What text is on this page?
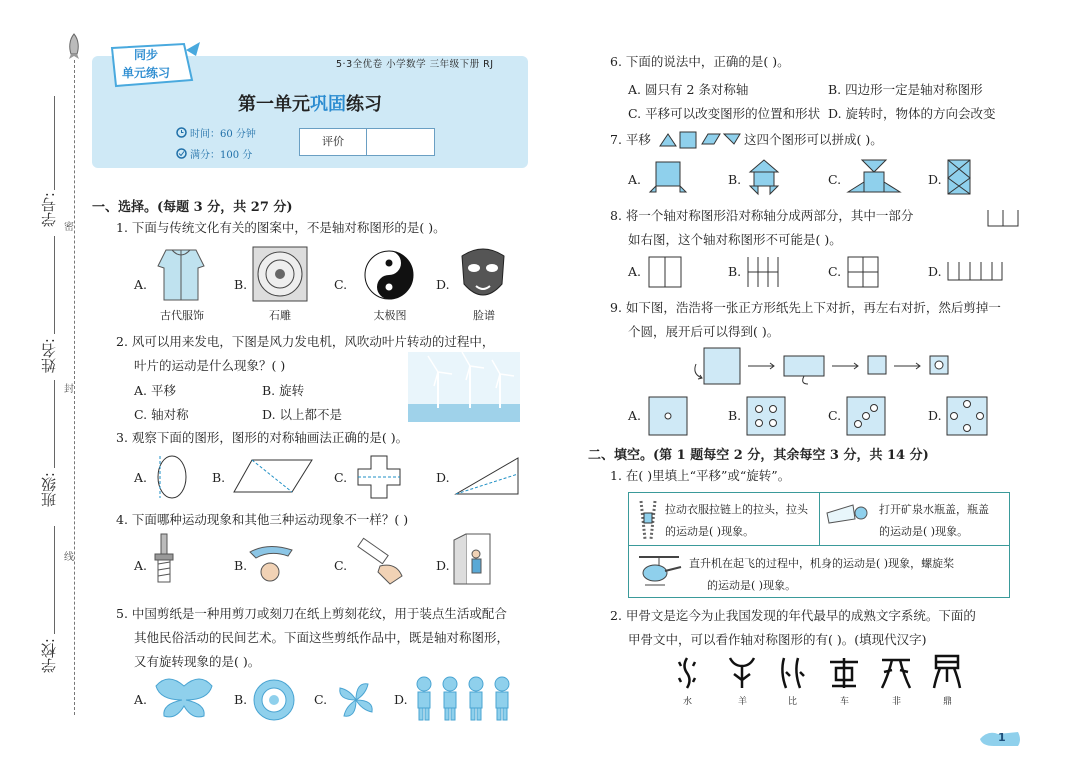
学号:
姓名:
班级:
学校:
密
封
线
同步
单元练习
5·3全优卷 小学数学 三年级下册 RJ
第一单元巩固练习
时间：60 分钟
满分：100 分
评价
一、选择。(每题 3 分，共 27 分)
1. 下面与传统文化有关的图案中，不是轴对称图形的是( )。
A.
古代服饰
B.
石雕
C.
太极图
D.
脸谱
2. 风可以用来发电，下图是风力发电机，风吹动叶片转动的过程中，
叶片的运动是什么现象？( )
A. 平移	B. 旋转
C. 轴对称	D. 以上都不是
3. 观察下面的图形，图形的对称轴画法正确的是( )。
A.	B.	C.	D.
4. 下面哪种运动现象和其他三种运动现象不一样？( )
A.	B.	C.	D.
5. 中国剪纸是一种用剪刀或刻刀在纸上剪刻花纹，用于装点生活或配合
其他民俗活动的民间艺术。下面这些剪纸作品中，既是轴对称图形，
又有旋转现象的是( )。
A.	B.	C.	D.
6. 下面的说法中，正确的是( )。
A. 圆只有 2 条对称轴	B. 四边形一定是轴对称图形
C. 平移可以改变图形的位置和形状 D. 旋转时，物体的方向会改变
7. 平移	这四个图形可以拼成( )。
A.	B.	C.	D.
8. 将一个轴对称图形沿对称轴分成两部分，其中一部分
如右图，这个轴对称图形不可能是( )。
A.	B.	C.	D.
9. 如下图，浩浩将一张正方形纸先上下对折，再左右对折，然后剪掉一
个圆，展开后可以得到( )。
A.	B.	C.	D.
二、填空。(第 1 题每空 2 分，其余每空 3 分，共 14 分)
1. 在( )里填上“平移”或“旋转”。
拉动衣服拉链上的拉头，拉头
的运动是( )现象。
打开矿泉水瓶盖，瓶盖
的运动是( )现象。
直升机在起飞的过程中，机身的运动是( )现象，螺旋桨
的运动是( )现象。
2. 甲骨文是迄今为止我国发现的年代最早的成熟文字系统。下面的
甲骨文中，可以看作轴对称图形的有( )。(填现代汉字)
水	羊	比	车	非	鼎
1
